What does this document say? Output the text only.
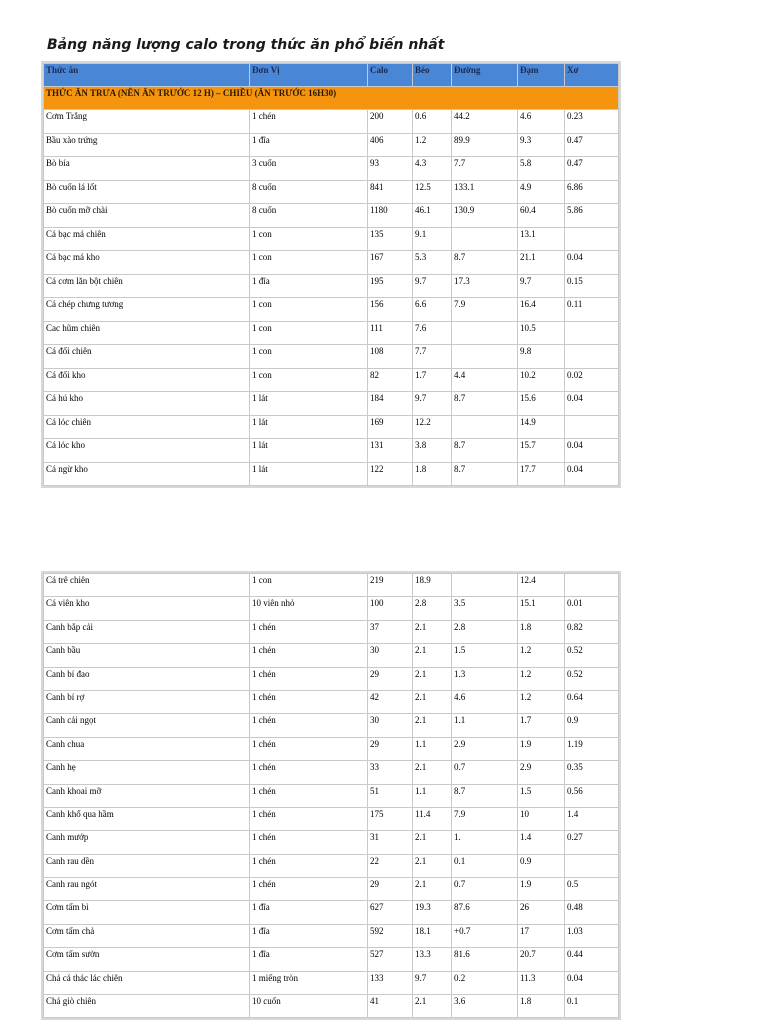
Bảng năng lượng calo trong thức ăn phổ biến nhất
Thức ăn	Đơn Vị	Calo	Béo	Đường	Đạm	Xơ
THỨC ĂN TRƯA (NÊN ĂN TRƯỚC 12 H) – CHIỀU (ĂN TRƯỚC 16H30)						
Cơm Trắng	1 chén	200	0.6	44.2	4.6	0.23
Bầu xào trứng	1 đĩa	406	1.2	89.9	9.3	0.47
Bò bía	3 cuốn	93	4.3	7.7	5.8	0.47
Bò cuốn lá lốt	8 cuốn	841	12.5	133.1	4.9	6.86
Bò cuốn mỡ chài	8 cuốn	1180	46.1	130.9	60.4	5.86
Cá bạc má chiên	1 con	135	9.1		13.1	
Cá bạc má kho	1 con	167	5.3	8.7	21.1	0.04
Cá cơm lăn bột chiên	1 đĩa	195	9.7	17.3	9.7	0.15
Cá chép chưng tương	1 con	156	6.6	7.9	16.4	0.11
Cac hũm chiên	1 con	111	7.6		10.5	
Cá đối chiên	1 con	108	7.7		9.8	
Cá đối kho	1 con	82	1.7	4.4	10.2	0.02
Cá hú kho	1 lát	184	9.7	8.7	15.6	0.04
Cá lóc chiên	1 lát	169	12.2		14.9	
Cá lóc kho	1 lát	131	3.8	8.7	15.7	0.04
Cá ngừ kho	1 lát	122	1.8	8.7	17.7	0.04
Cá trê chiên	1 con	219	18.9		12.4	
Cá viên kho	10 viên nhỏ	100	2.8	3.5	15.1	0.01
Canh bắp cải	1 chén	37	2.1	2.8	1.8	0.82
Canh bầu	1 chén	30	2.1	1.5	1.2	0.52
Canh bí đao	1 chén	29	2.1	1.3	1.2	0.52
Canh bí rợ	1 chén	42	2.1	4.6	1.2	0.64
Canh cải ngọt	1 chén	30	2.1	1.1	1.7	0.9
Canh chua	1 chén	29	1.1	2.9	1.9	1.19
Canh hẹ	1 chén	33	2.1	0.7	2.9	0.35
Canh khoai mỡ	1 chén	51	1.1	8.7	1.5	0.56
Canh khổ qua hầm	1 chén	175	11.4	7.9	10	1.4
Canh mướp	1 chén	31	2.1	1.	1.4	0.27
Canh rau dền	1 chén	22	2.1	0.1	0.9	
Canh rau ngót	1 chén	29	2.1	0.7	1.9	0.5
Cơm tấm bì	1 đĩa	627	19.3	87.6	26	0.48
Cơm tấm chả	1 đĩa	592	18.1	+0.7	17	1.03
Cơm tấm sườn	1 đĩa	527	13.3	81.6	20.7	0.44
Chả cá thác lác chiên	1 miếng tròn	133	9.7	0.2	11.3	0.04
Chả giò chiên	10 cuốn	41	2.1	3.6	1.8	0.1
